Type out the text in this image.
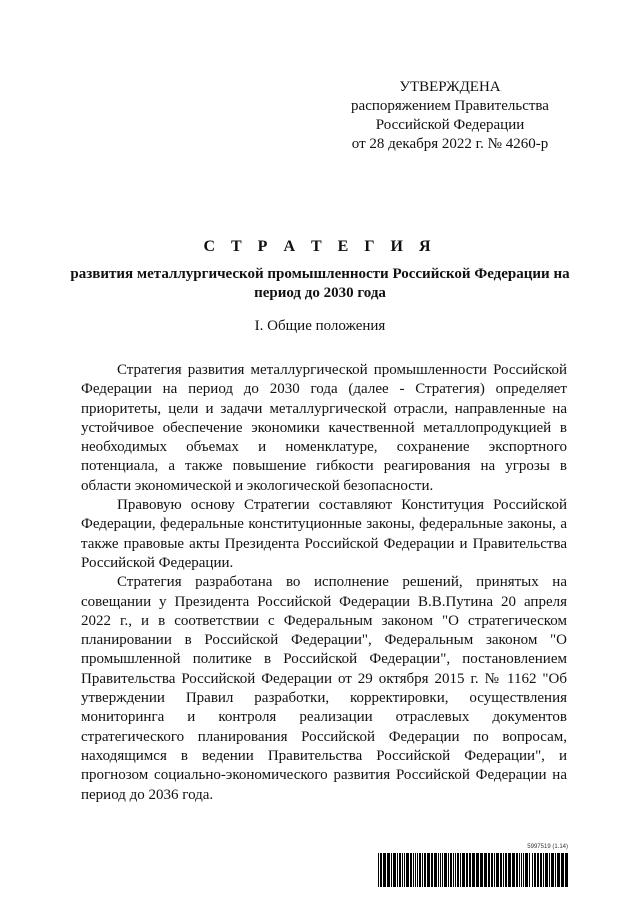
УТВЕРЖДЕНА
распоряжением Правительства
Российской Федерации
от 28 декабря 2022 г. № 4260-р
С Т Р А Т Е Г И Я
развития металлургической промышленности Российской Федерации на период до 2030 года
I. Общие положения

Стратегия развития металлургической промышленности Российской Федерации на период до 2030 года (далее - Стратегия) определяет приоритеты, цели и задачи металлургической отрасли, направленные на устойчивое обеспечение экономики качественной металлопродукцией в необходимых объемах и номенклатуре, сохранение экспортного потенциала, а также повышение гибкости реагирования на угрозы в области экономической и экологической безопасности.

Правовую основу Стратегии составляют Конституция Российской Федерации, федеральные конституционные законы, федеральные законы, а также правовые акты Президента Российской Федерации и Правительства Российской Федерации.

Стратегия разработана во исполнение решений, принятых на совещании у Президента Российской Федерации В.В.Путина 20 апреля 2022 г., и в соответствии с Федеральным законом "О стратегическом планировании в Российской Федерации", Федеральным законом "О промышленной политике в Российской Федерации", постановлением Правительства Российской Федерации от 29 октября 2015 г. № 1162 "Об утверждении Правил разработки, корректировки, осуществления мониторинга и контроля реализации отраслевых документов стратегического планирования Российской Федерации по вопросам, находящимся в ведении Правительства Российской Федерации", и прогнозом социально-экономического развития Российской Федерации на период до 2036 года.

5997519 (1.14)
